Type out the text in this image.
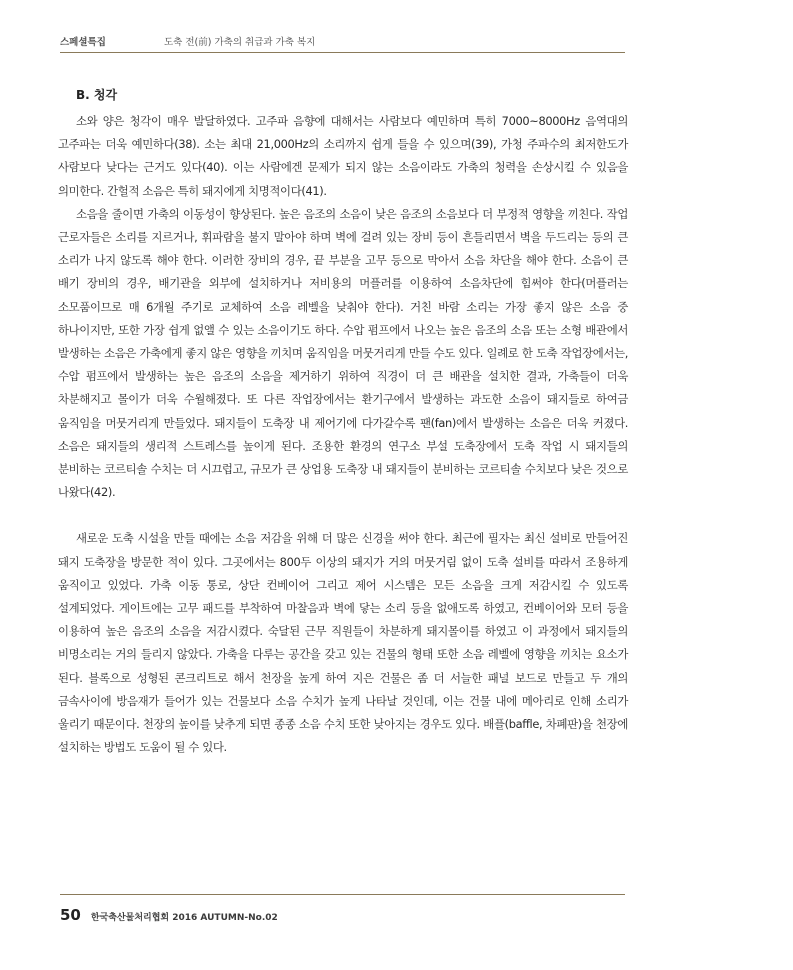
스페셜특집	도축 전(前) 가축의 취급과 가축 복지
B. 청각

소와 양은 청각이 매우 발달하였다. 고주파 음향에 대해서는 사람보다 예민하며 특히 7000~8000Hz 음역대의 고주파는 더욱 예민하다(38). 소는 최대 21,000Hz의 소리까지 쉽게 들을 수 있으며(39), 가청 주파수의 최저한도가 사람보다 낮다는 근거도 있다(40). 이는 사람에겐 문제가 되지 않는 소음이라도 가축의 청력을 손상시킬 수 있음을 의미한다. 간헐적 소음은 특히 돼지에게 치명적이다(41).

소음을 줄이면 가축의 이동성이 향상된다. 높은 음조의 소음이 낮은 음조의 소음보다 더 부정적 영향을 끼친다. 작업 근로자들은 소리를 지르거나, 휘파람을 불지 말아야 하며 벽에 걸려 있는 장비 등이 흔들리면서 벽을 두드리는 등의 큰 소리가 나지 않도록 해야 한다. 이러한 장비의 경우, 끝 부분을 고무 등으로 막아서 소음 차단을 해야 한다. 소음이 큰 배기 장비의 경우, 배기관을 외부에 설치하거나 저비용의 머플러를 이용하여 소음차단에 힘써야 한다(머플러는 소모품이므로 매 6개월 주기로 교체하여 소음 레벨을 낮춰야 한다). 거친 바람 소리는 가장 좋지 않은 소음 중 하나이지만, 또한 가장 쉽게 없앨 수 있는 소음이기도 하다. 수압 펌프에서 나오는 높은 음조의 소음 또는 소형 배관에서 발생하는 소음은 가축에게 좋지 않은 영향을 끼치며 움직임을 머뭇거리게 만들 수도 있다. 일례로 한 도축 작업장에서는, 수압 펌프에서 발생하는 높은 음조의 소음을 제거하기 위하여 직경이 더 큰 배관을 설치한 결과, 가축들이 더욱 차분해지고 몰이가 더욱 수월해졌다. 또 다른 작업장에서는 환기구에서 발생하는 과도한 소음이 돼지들로 하여금 움직임을 머뭇거리게 만들었다. 돼지들이 도축장 내 제어기에 다가갈수록 팬(fan)에서 발생하는 소음은 더욱 커졌다. 소음은 돼지들의 생리적 스트레스를 높이게 된다. 조용한 환경의 연구소 부설 도축장에서 도축 작업 시 돼지들의 분비하는 코르티솔 수치는 더 시끄럽고, 규모가 큰 상업용 도축장 내 돼지들이 분비하는 코르티솔 수치보다 낮은 것으로 나왔다(42).

새로운 도축 시설을 만들 때에는 소음 저감을 위해 더 많은 신경을 써야 한다. 최근에 필자는 최신 설비로 만들어진 돼지 도축장을 방문한 적이 있다. 그곳에서는 800두 이상의 돼지가 거의 머뭇거림 없이 도축 설비를 따라서 조용하게 움직이고 있었다. 가축 이동 통로, 상단 컨베이어 그리고 제어 시스템은 모든 소음을 크게 저감시킬 수 있도록 설계되었다. 게이트에는 고무 패드를 부착하여 마찰음과 벽에 닿는 소리 등을 없애도록 하였고, 컨베이어와 모터 등을 이용하여 높은 음조의 소음을 저감시켰다. 숙달된 근무 직원들이 차분하게 돼지몰이를 하였고 이 과정에서 돼지들의 비명소리는 거의 들리지 않았다. 가축을 다루는 공간을 갖고 있는 건물의 형태 또한 소음 레벨에 영향을 끼치는 요소가 된다. 블록으로 성형된 콘크리트로 해서 천장을 높게 하여 지은 건물은 좀 더 서늘한 패널 보드로 만들고 두 개의 금속사이에 방음재가 들어가 있는 건물보다 소음 수치가 높게 나타날 것인데, 이는 건물 내에 메아리로 인해 소리가 울리기 때문이다. 천장의 높이를 낮추게 되면 종종 소음 수치 또한 낮아지는 경우도 있다. 배플(baffle, 차폐판)을 천장에 설치하는 방법도 도움이 될 수 있다.

50 한국축산물처리협회 2016 AUTUMN-No.02
